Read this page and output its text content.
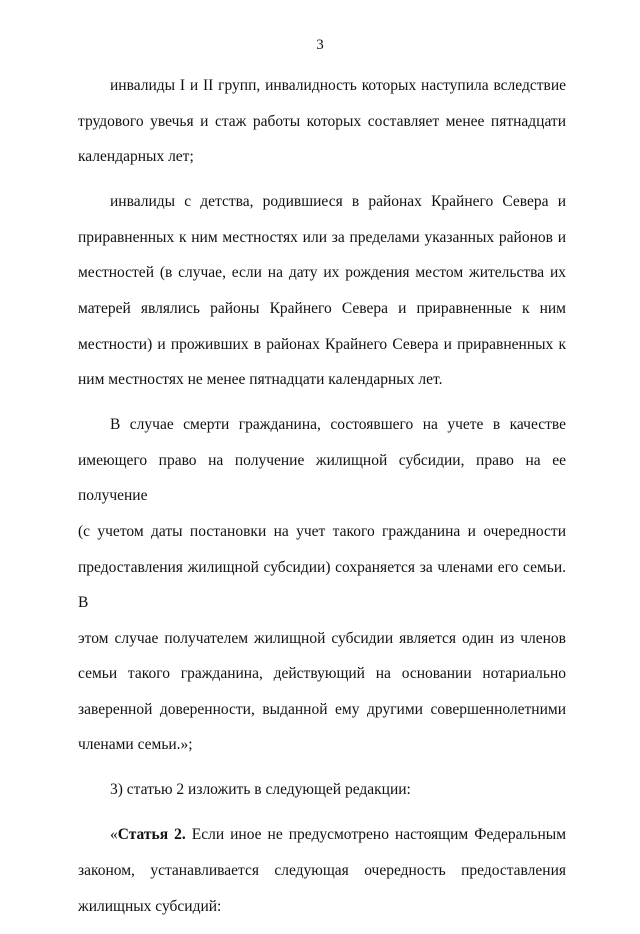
3

инвалиды I и II групп, инвалидность которых наступила вследствие
трудового увечья и стаж работы которых составляет менее пятнадцати
календарных лет;

инвалиды с детства, родившиеся в районах Крайнего Севера и
приравненных к ним местностях или за пределами указанных районов и
местностей (в случае, если на дату их рождения местом жительства их
матерей являлись районы Крайнего Севера и приравненные к ним
местности) и проживших в районах Крайнего Севера и приравненных к
ним местностях не менее пятнадцати календарных лет.

В случае смерти гражданина, состоявшего на учете в качестве
имеющего право на получение жилищной субсидии, право на ее получение
(с учетом даты постановки на учет такого гражданина и очередности
предоставления жилищной субсидии) сохраняется за членами его семьи. В
этом случае получателем жилищной субсидии является один из членов
семьи такого гражданина, действующий на основании нотариально
заверенной доверенности, выданной ему другими совершеннолетними
членами семьи.»;

3) статью 2 изложить в следующей редакции:

«Статья 2. Если иное не предусмотрено настоящим Федеральным
законом, устанавливается следующая очередность предоставления
жилищных субсидий:
